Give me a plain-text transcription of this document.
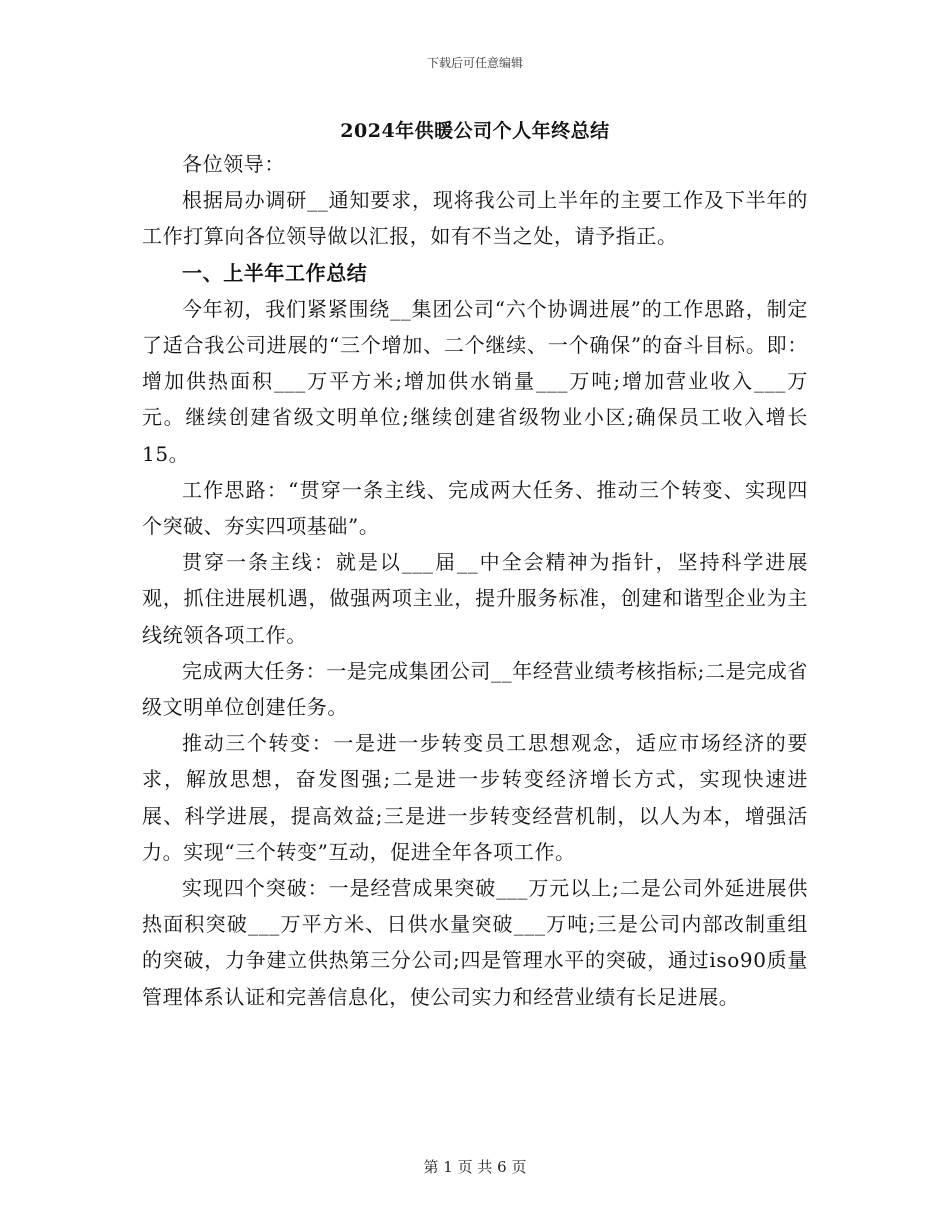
下载后可任意编辑
2024年供暖公司个人年终总结

各位领导：

根据局办调研__通知要求，现将我公司上半年的主要工作及下半年的工作打算向各位领导做以汇报，如有不当之处，请予指正。

一、上半年工作总结

今年初，我们紧紧围绕__集团公司“六个协调进展”的工作思路，制定了适合我公司进展的“三个增加、二个继续、一个确保”的奋斗目标。即：增加供热面积___万平方米;增加供水销量___万吨;增加营业收入___万元。继续创建省级文明单位;继续创建省级物业小区;确保员工收入增长15。

工作思路：“贯穿一条主线、完成两大任务、推动三个转变、实现四个突破、夯实四项基础”。

贯穿一条主线：就是以___届__中全会精神为指针，坚持科学进展观，抓住进展机遇，做强两项主业，提升服务标准，创建和谐型企业为主线统领各项工作。

完成两大任务：一是完成集团公司__年经营业绩考核指标;二是完成省级文明单位创建任务。

推动三个转变：一是进一步转变员工思想观念，适应市场经济的要求，解放思想，奋发图强;二是进一步转变经济增长方式，实现快速进展、科学进展，提高效益;三是进一步转变经营机制，以人为本，增强活力。实现“三个转变”互动，促进全年各项工作。

实现四个突破：一是经营成果突破___万元以上;二是公司外延进展供热面积突破___万平方米、日供水量突破___万吨;三是公司内部改制重组的突破，力争建立供热第三分公司;四是管理水平的突破，通过iso90质量管理体系认证和完善信息化，使公司实力和经营业绩有长足进展。

第 1 页 共 6 页
